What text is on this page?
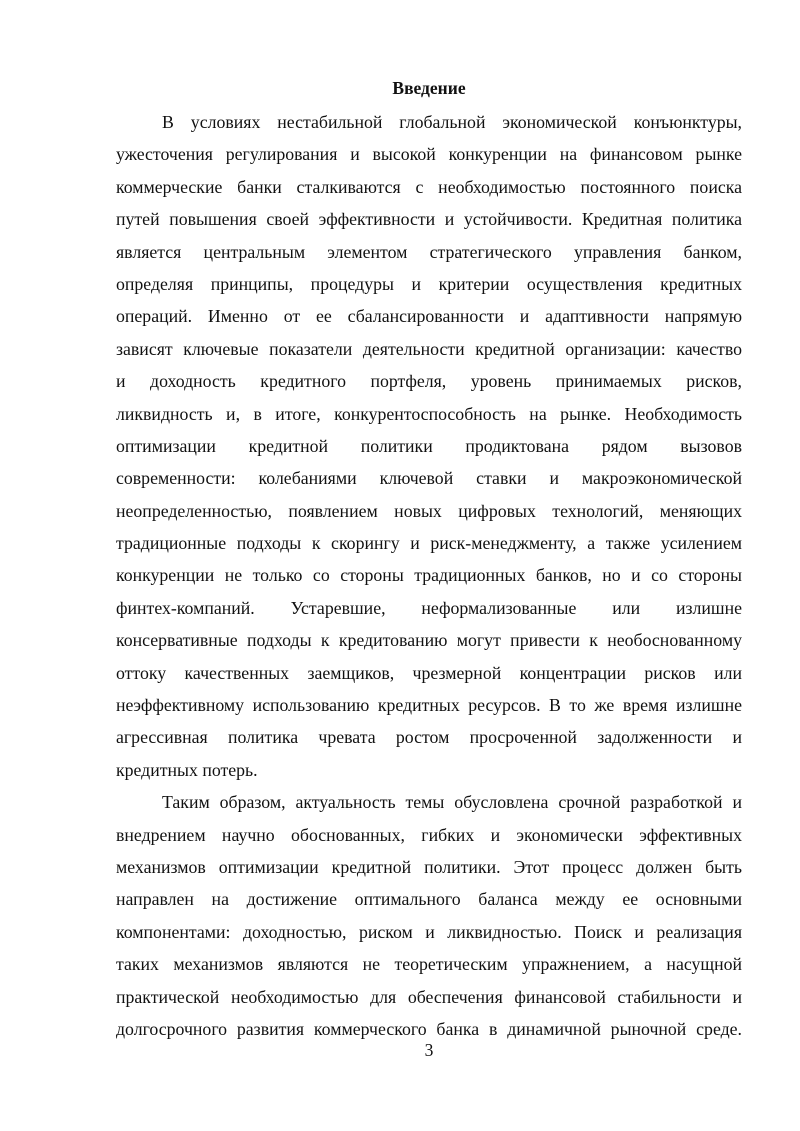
Введение
В условиях нестабильной глобальной экономической конъюнктуры,
ужесточения регулирования и высокой конкуренции на финансовом рынке
коммерческие банки сталкиваются с необходимостью постоянного поиска
путей повышения своей эффективности и устойчивости. Кредитная политика
является центральным элементом стратегического управления банком,
определяя принципы, процедуры и критерии осуществления кредитных
операций. Именно от ее сбалансированности и адаптивности напрямую
зависят ключевые показатели деятельности кредитной организации: качество
и доходность кредитного портфеля, уровень принимаемых рисков,
ликвидность и, в итоге, конкурентоспособность на рынке. Необходимость
оптимизации кредитной политики продиктована рядом вызовов
современности: колебаниями ключевой ставки и макроэкономической
неопределенностью, появлением новых цифровых технологий, меняющих
традиционные подходы к скорингу и риск-менеджменту, а также усилением
конкуренции не только со стороны традиционных банков, но и со стороны
финтех-компаний. Устаревшие, неформализованные или излишне
консервативные подходы к кредитованию могут привести к необоснованному
оттоку качественных заемщиков, чрезмерной концентрации рисков или
неэффективному использованию кредитных ресурсов. В то же время излишне
агрессивная политика чревата ростом просроченной задолженности и
кредитных потерь.
Таким образом, актуальность темы обусловлена срочной разработкой и
внедрением научно обоснованных, гибких и экономически эффективных
механизмов оптимизации кредитной политики. Этот процесс должен быть
направлен на достижение оптимального баланса между ее основными
компонентами: доходностью, риском и ликвидностью. Поиск и реализация
таких механизмов являются не теоретическим упражнением, а насущной
практической необходимостью для обеспечения финансовой стабильности и
долгосрочного развития коммерческого банка в динамичной рыночной среде.
3
